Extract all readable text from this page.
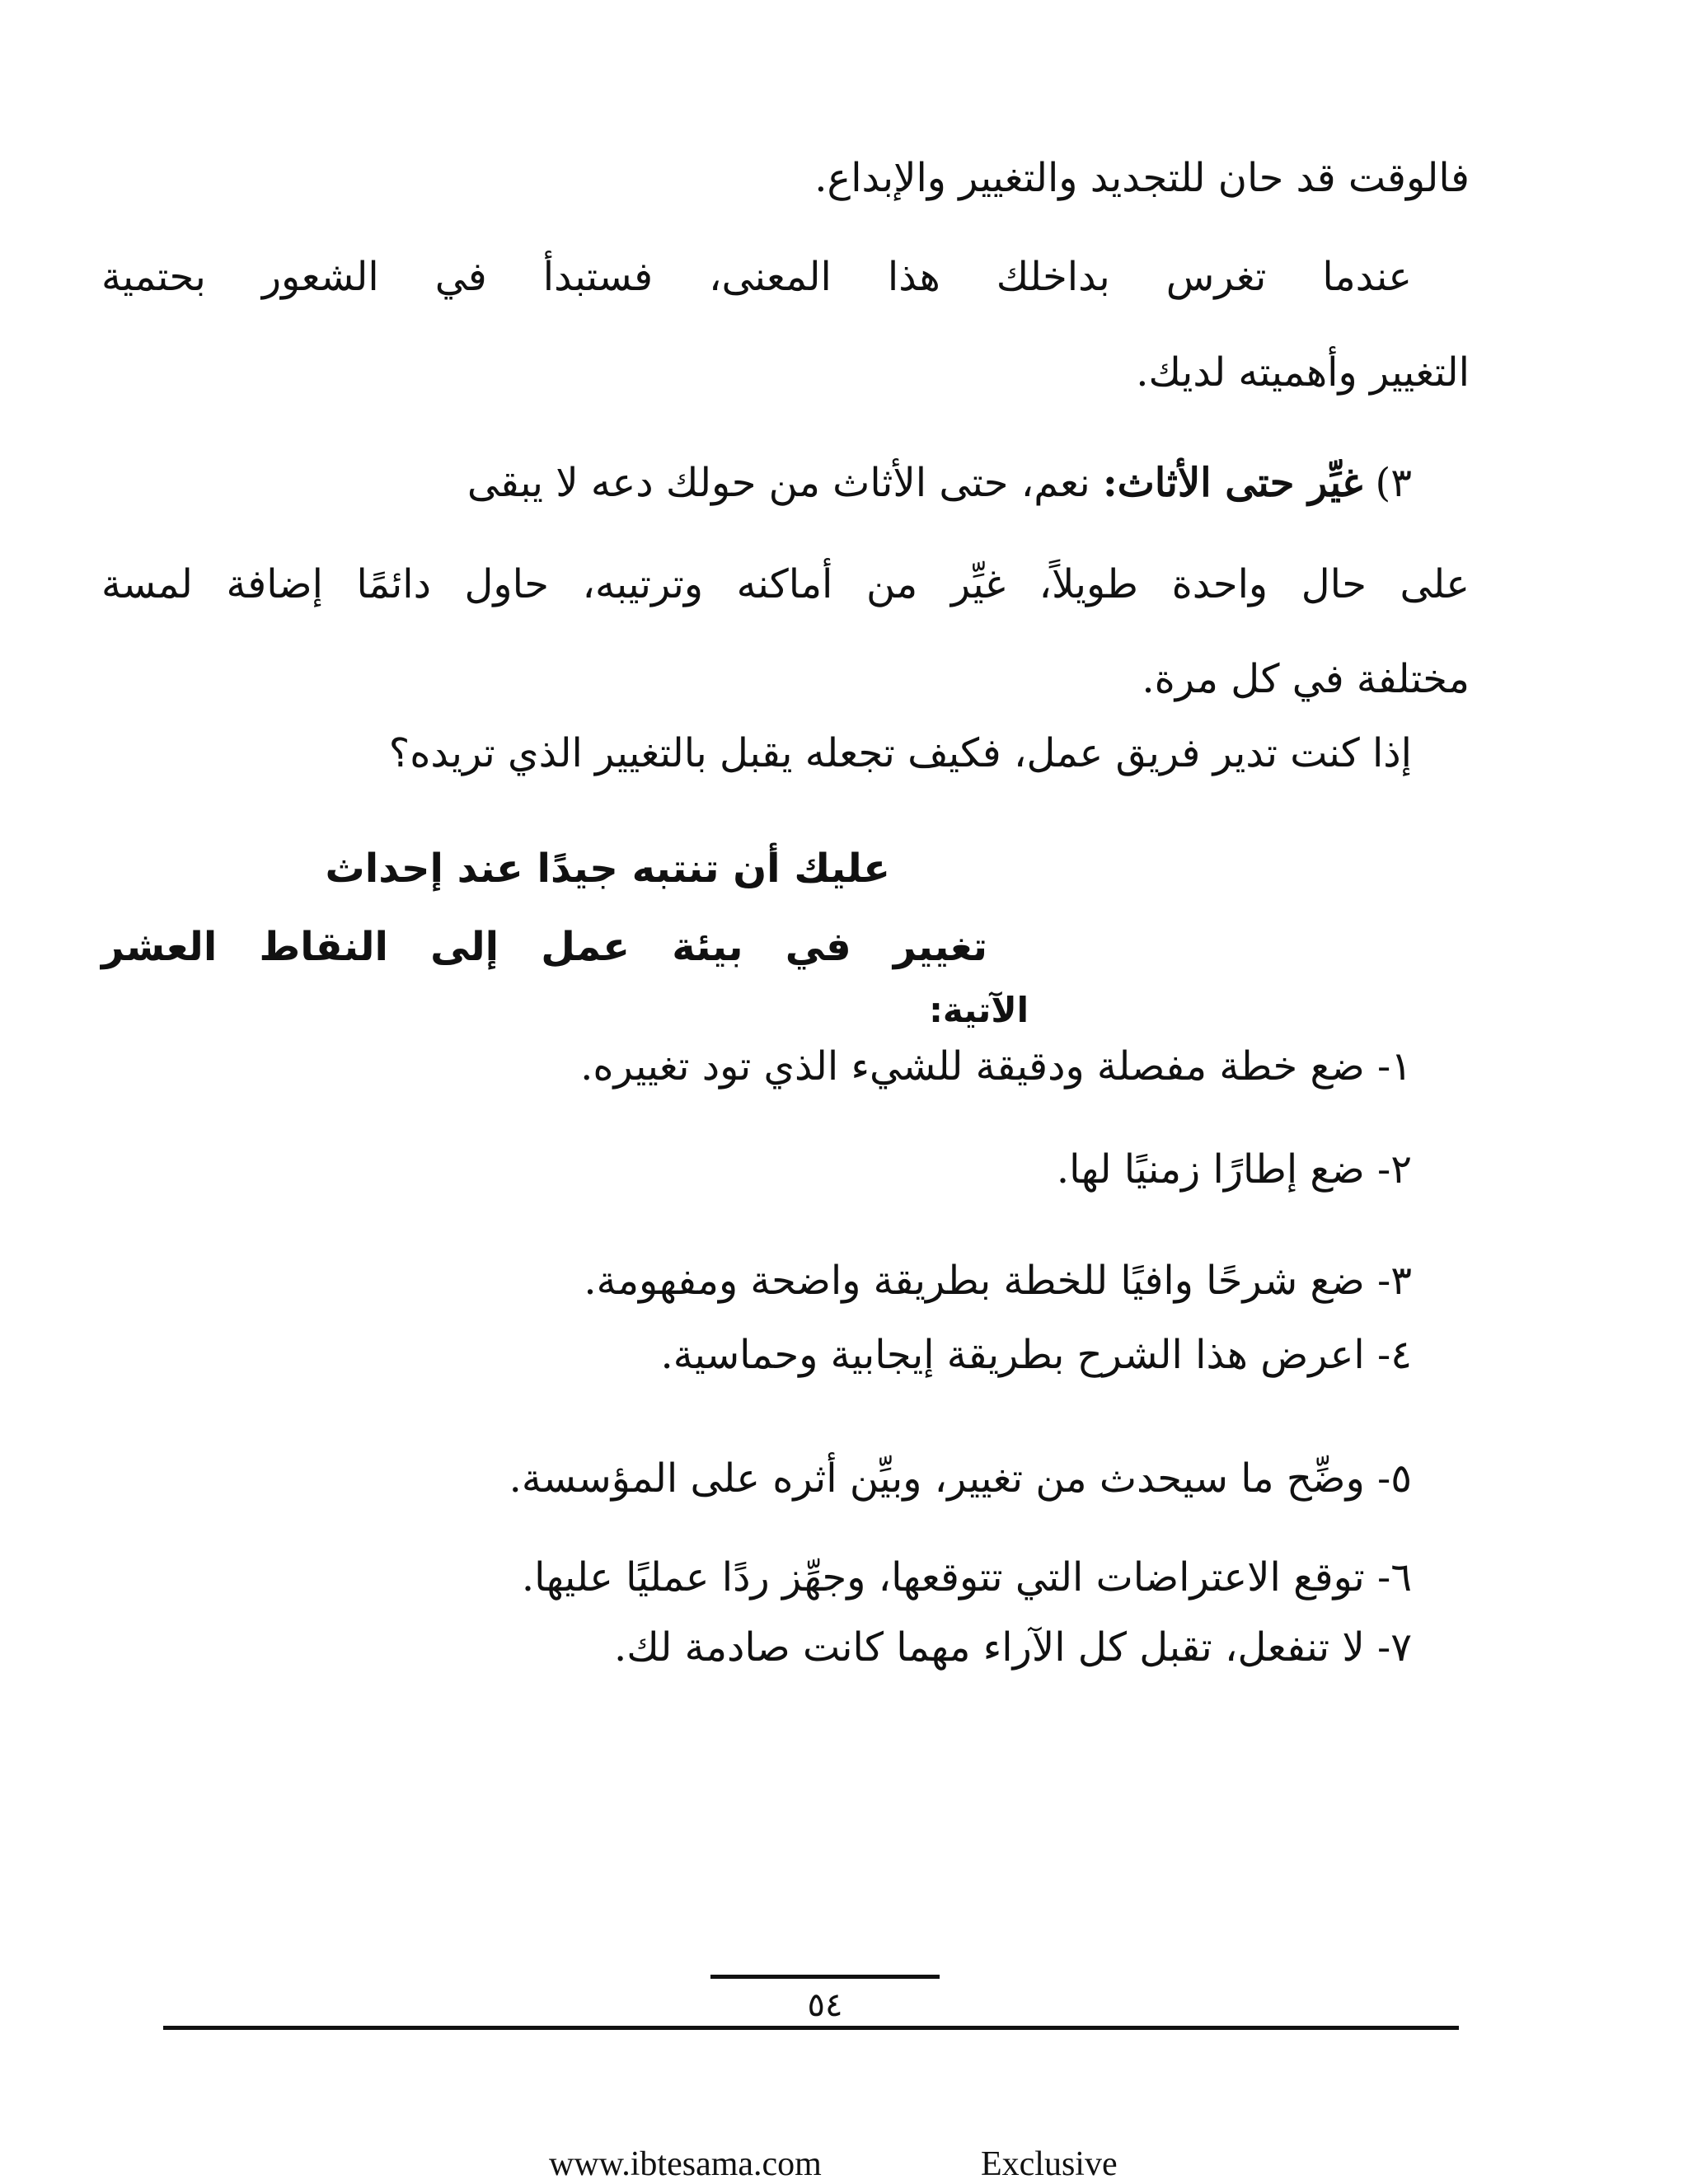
فالوقت قد حان للتجديد والتغيير والإبداع.
عندما تغرس بداخلك هذا المعنى، فستبدأ في الشعور بحتمية
التغيير وأهميته لديك.
٣) غيِّر حتى الأثاث: نعم، حتى الأثاث من حولك دعه لا يبقى
على حال واحدة طويلاً، غيِّر من أماكنه وترتيبه، حاول دائمًا إضافة لمسة
مختلفة في كل مرة.
إذا كنت تدير فريق عمل، فكيف تجعله يقبل بالتغيير الذي تريده؟
عليك أن تنتبه جيدًا عند إحداث
تغيير في بيئة عمل إلى النقاط العشر
الآتية:
١- ضع خطة مفصلة ودقيقة للشيء الذي تود تغييره.
٢- ضع إطارًا زمنيًا لها.
٣- ضع شرحًا وافيًا للخطة بطريقة واضحة ومفهومة.
٤- اعرض هذا الشرح بطريقة إيجابية وحماسية.
٥- وضِّح ما سيحدث من تغيير، وبيِّن أثره على المؤسسة.
٦- توقع الاعتراضات التي تتوقعها، وجهِّز ردًا عمليًا عليها.
٧- لا تنفعل، تقبل كل الآراء مهما كانت صادمة لك.
٥٤
www.ibtesama.com	Exclusive
